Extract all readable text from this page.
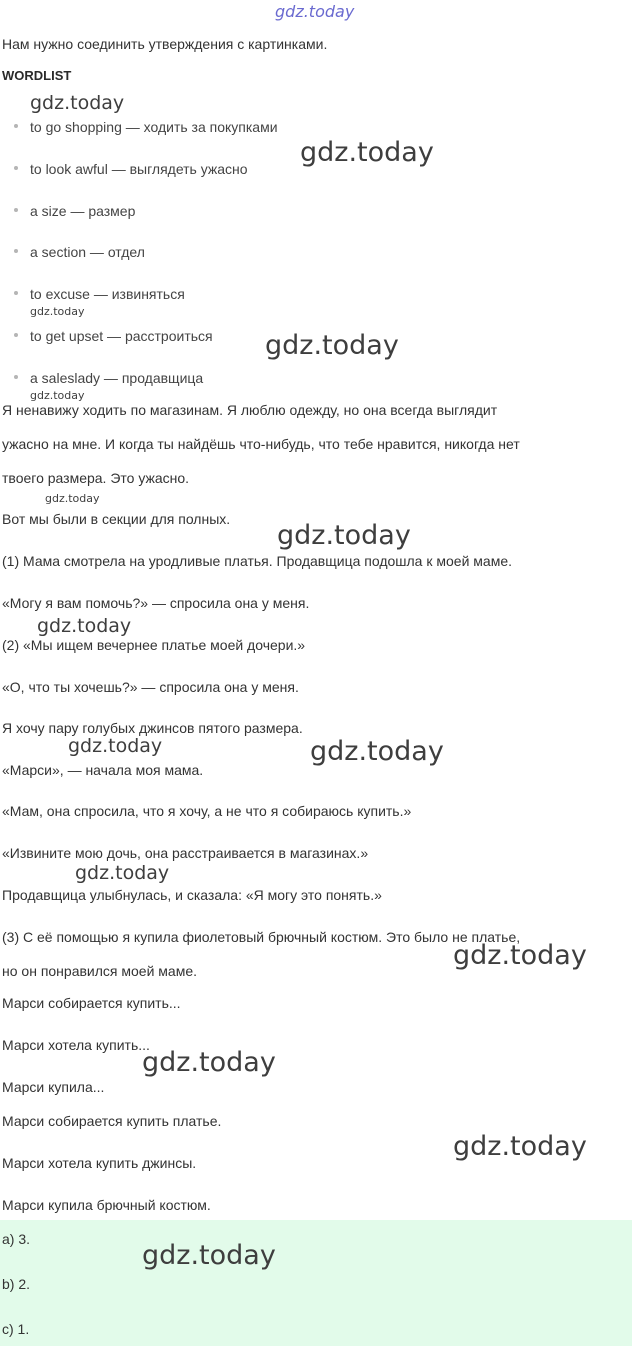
gdz.today
Нам нужно соединить утверждения с картинками.
WORDLIST
to go shopping — ходить за покупками
to look awful — выглядеть ужасно
a size — размер
a section — отдел
to excuse — извиняться
to get upset — расстроиться
a saleslady — продавщица
Я ненавижу ходить по магазинам. Я люблю одежду, но она всегда выглядит
ужасно на мне. И когда ты найдёшь что-нибудь, что тебе нравится, никогда нет
твоего размера. Это ужасно.
Вот мы были в секции для полных.
(1) Мама смотрела на уродливые платья. Продавщица подошла к моей маме.
«Могу я вам помочь?» — спросила она у меня.
(2) «Мы ищем вечернее платье моей дочери.»
«О, что ты хочешь?» — спросила она у меня.
Я хочу пару голубых джинсов пятого размера.
«Марси», — начала моя мама.
«Мам, она спросила, что я хочу, а не что я собираюсь купить.»
«Извините мою дочь, она расстраивается в магазинах.»
Продавщица улыбнулась, и сказала: «Я могу это понять.»
(3) С её помощью я купила фиолетовый брючный костюм. Это было не платье,
но он понравился моей маме.
Марси собирается купить...
Марси хотела купить...
Марси купила...
Марси собирается купить платье.
Марси хотела купить джинсы.
Марси купила брючный костюм.
a) 3.
b) 2.
c) 1.
gdz.today
gdz.today
gdz.today
gdz.today
gdz.today
gdz.today
gdz.today
gdz.today
gdz.today	gdz.today
gdz.today
gdz.today
gdz.today
gdz.today
gdz.today
